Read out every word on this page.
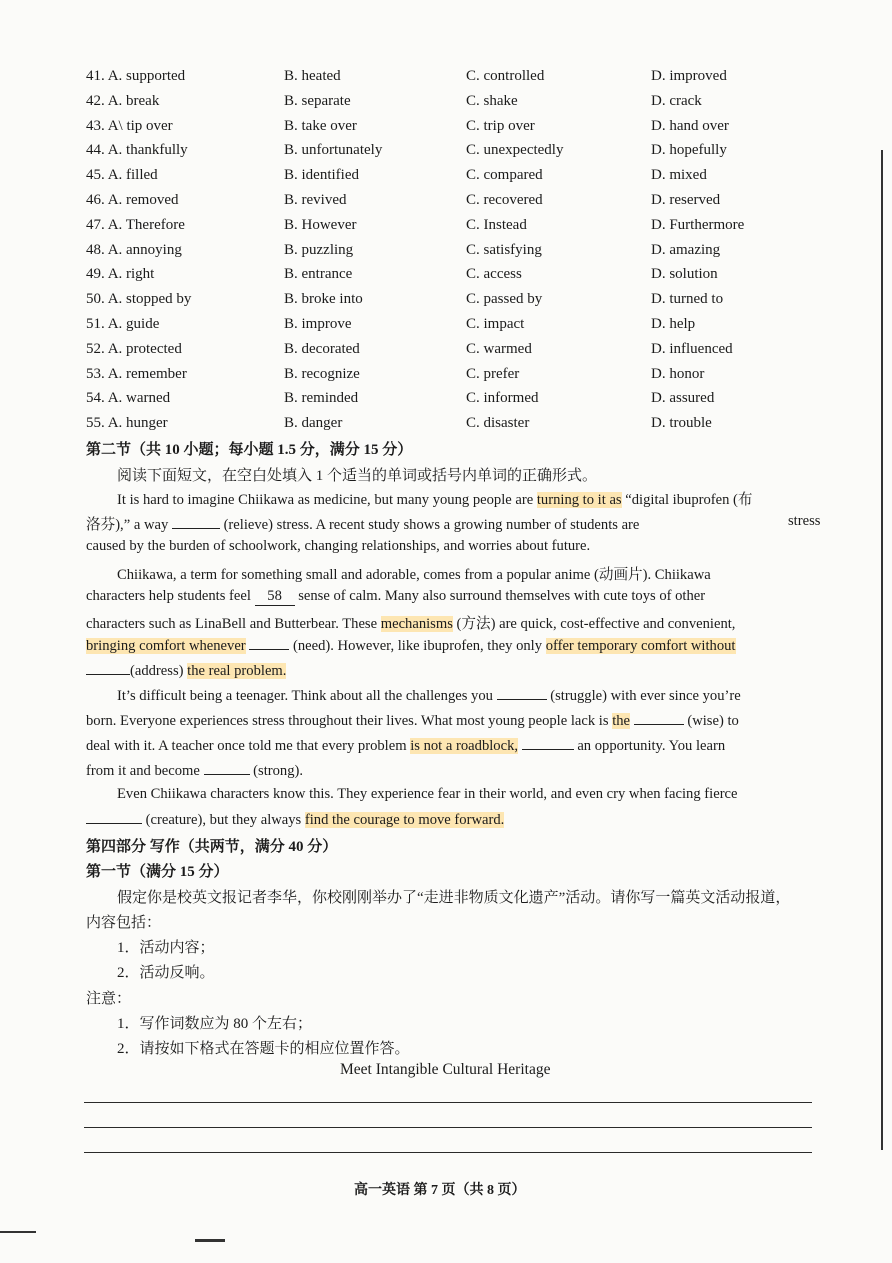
41. A. supported	B. heated	C. controlled	D. improved
42. A. break	B. separate	C. shake	D. crack
43. A\ tip over	B. take over	C. trip over	D. hand over
44. A. thankfully	B. unfortunately	C. unexpectedly	D. hopefully
45. A. filled	B. identified	C. compared	D. mixed
46. A. removed	B. revived	C. recovered	D. reserved
47. A. Therefore	B. However	C. Instead	D. Furthermore
48. A. annoying	B. puzzling	C. satisfying	D. amazing
49. A. right	B. entrance	C. access	D. solution
50. A. stopped by	B. broke into	C. passed by	D. turned to
51. A. guide	B. improve	C. impact	D. help
52. A. protected	B. decorated	C. warmed	D. influenced
53. A. remember	B. recognize	C. prefer	D. honor
54. A. warned	B. reminded	C. informed	D. assured
55. A. hunger	B. danger	C. disaster	D. trouble
第二节（共 10 小题；每小题 1.5 分，满分 15 分）
阅读下面短文，在空白处填入 1 个适当的单词或括号内单词的正确形式。
It is hard to imagine Chiikawa as medicine, but many young people are turning to it as “digital ibuprofen (布
洛芬),” a way	(relieve) stress. A recent study shows a growing number of students are	stress
caused by the burden of schoolwork, changing relationships, and worries about future.
Chiikawa, a term for something small and adorable, comes from a popular anime (动画片). Chiikawa
characters help students feel 58 sense of calm. Many also surround themselves with cute toys of other
characters such as LinaBell and Butterbear. These mechanisms (方法) are quick, cost-effective and convenient,
bringing comfort whenever	(need). However, like ibuprofen, they only offer temporary comfort without
(address) the real problem.
It’s difficult being a teenager. Think about all the challenges you	(struggle) with ever since you’re
born. Everyone experiences stress throughout their lives. What most young people lack is the	(wise) to
deal with it. A teacher once told me that every problem is not a roadblock,	an opportunity. You learn
from it and become	(strong).
Even Chiikawa characters know this. They experience fear in their world, and even cry when facing fierce
(creature), but they always find the courage to move forward.
第四部分 写作（共两节，满分 40 分）
第一节（满分 15 分）
假定你是校英文报记者李华，你校刚刚举办了“走进非物质文化遗产”活动。请你写一篇英文活动报道，
内容包括：
1．活动内容；
2．活动反响。
注意：
1．写作词数应为 80 个左右；
2．请按如下格式在答题卡的相应位置作答。
Meet Intangible Cultural Heritage
高一英语 第 7 页（共 8 页）
